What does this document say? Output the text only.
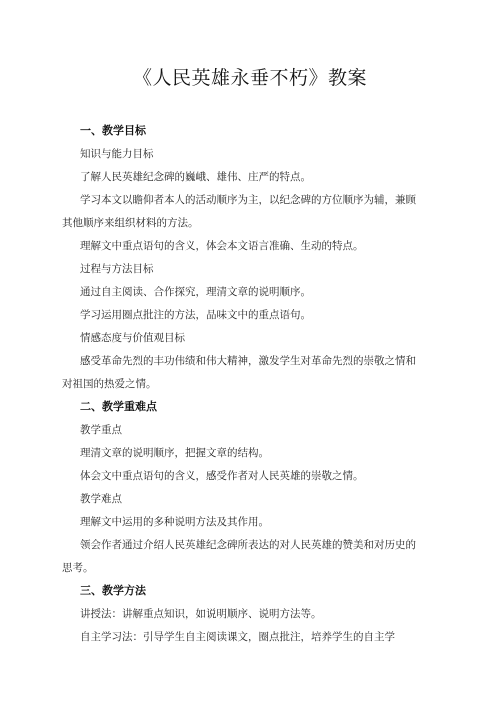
《人民英雄永垂不朽》教案
一、教学目标
知识与能力目标
了解人民英雄纪念碑的巍峨、雄伟、庄严的特点。
学习本文以瞻仰者本人的活动顺序为主，以纪念碑的方位顺序为辅，兼顾
其他顺序来组织材料的方法。
理解文中重点语句的含义，体会本文语言准确、生动的特点。
过程与方法目标
通过自主阅读、合作探究，理清文章的说明顺序。
学习运用圈点批注的方法，品味文中的重点语句。
情感态度与价值观目标
感受革命先烈的丰功伟绩和伟大精神，激发学生对革命先烈的崇敬之情和
对祖国的热爱之情。
二、教学重难点
教学重点
理清文章的说明顺序，把握文章的结构。
体会文中重点语句的含义，感受作者对人民英雄的崇敬之情。
教学难点
理解文中运用的多种说明方法及其作用。
领会作者通过介绍人民英雄纪念碑所表达的对人民英雄的赞美和对历史的
思考。
三、教学方法
讲授法：讲解重点知识，如说明顺序、说明方法等。
自主学习法：引导学生自主阅读课文，圈点批注，培养学生的自主学
